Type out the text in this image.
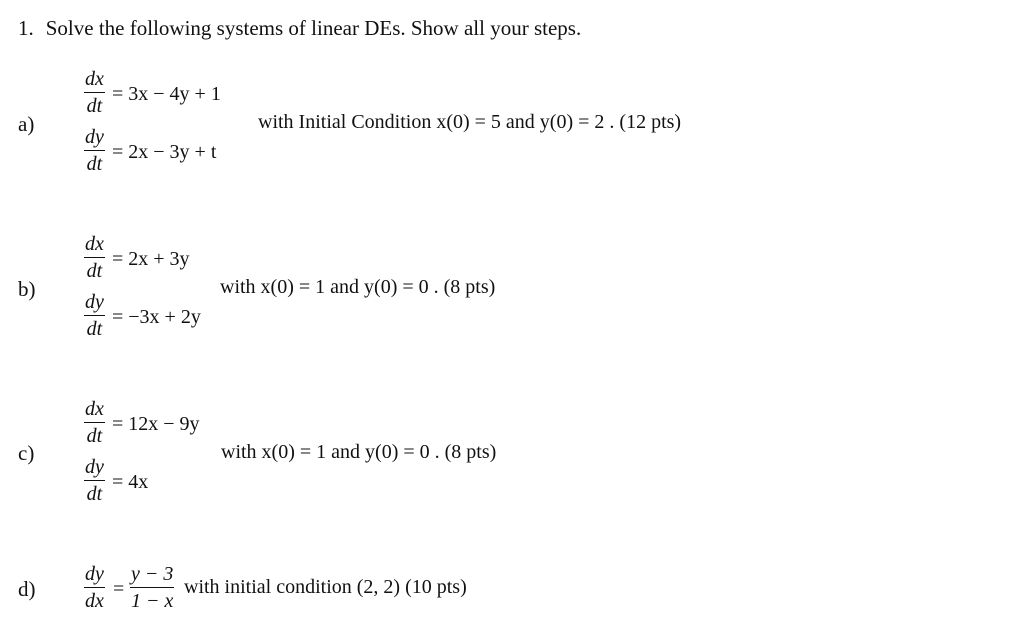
1. Solve the following systems of linear DEs. Show all your steps.
a)
dx
dt
= 3x − 4y + 1
dy
dt
= 2x − 3y + t
with Initial Condition x(0) = 5 and y(0) = 2 . (12 pts)
b)
dx
dt
= 2x + 3y
dy
dt
= −3x + 2y
with x(0) = 1 and y(0) = 0 . (8 pts)
c)
dx
dt
= 12x − 9y
dy
dt
= 4x
with x(0) = 1 and y(0) = 0 . (8 pts)
d)
dy
dx
=
y − 3
1 − x
with initial condition (2, 2) (10 pts)
